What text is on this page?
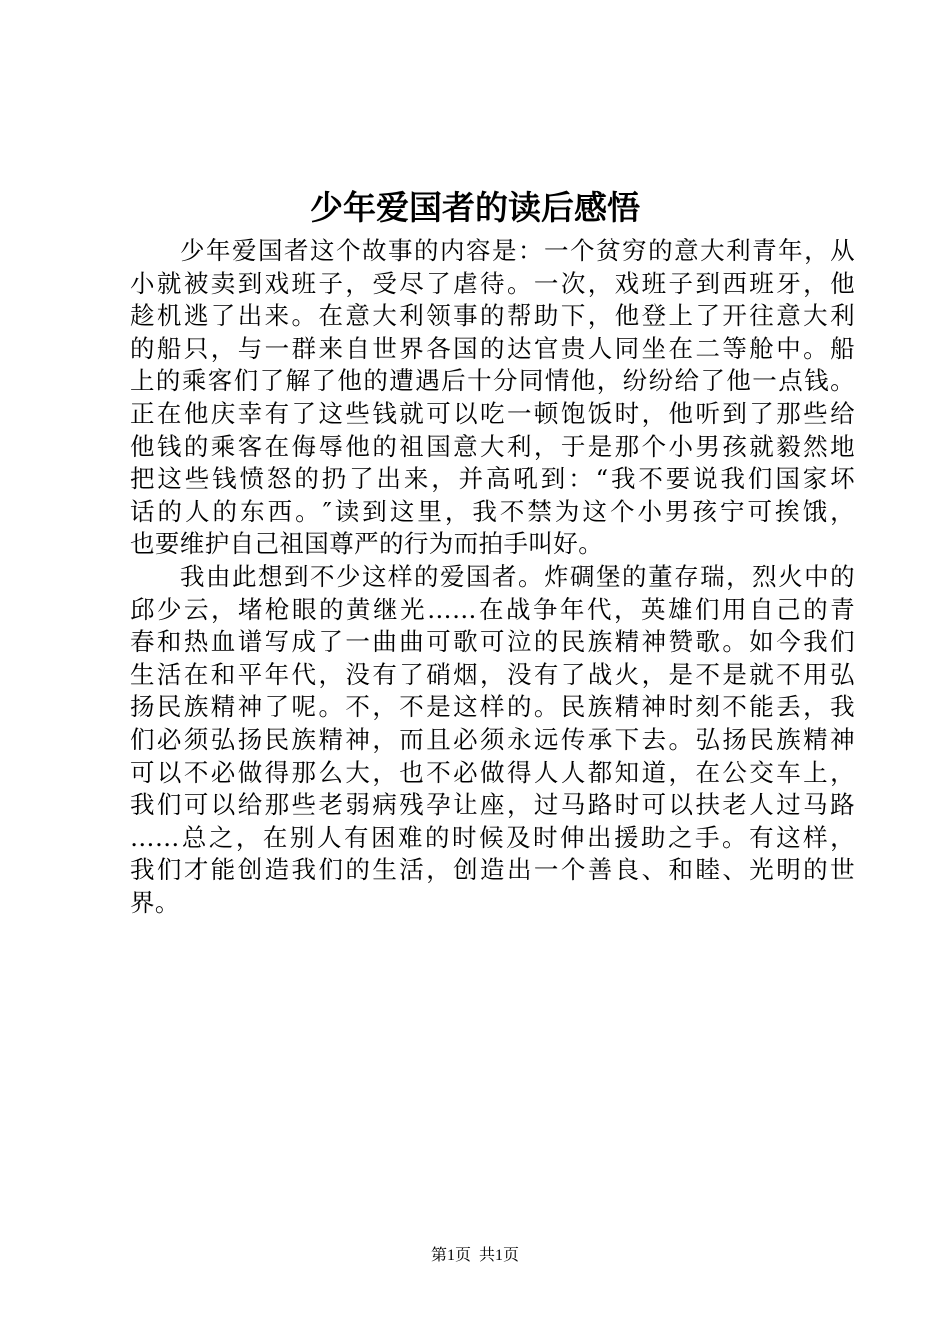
少年爱国者的读后感悟
少年爱国者这个故事的内容是：一个贫穷的意大利青年，从
小就被卖到戏班子，受尽了虐待。一次，戏班子到西班牙，他
趁机逃了出来。在意大利领事的帮助下，他登上了开往意大利
的船只，与一群来自世界各国的达官贵人同坐在二等舱中。船
上的乘客们了解了他的遭遇后十分同情他，纷纷给了他一点钱。
正在他庆幸有了这些钱就可以吃一顿饱饭时，他听到了那些给
他钱的乘客在侮辱他的祖国意大利，于是那个小男孩就毅然地
把这些钱愤怒的扔了出来，并高吼到：“我不要说我们国家坏
话的人的东西。″读到这里，我不禁为这个小男孩宁可挨饿，
也要维护自己祖国尊严的行为而拍手叫好。
我由此想到不少这样的爱国者。炸碉堡的董存瑞，烈火中的
邱少云，堵枪眼的黄继光……在战争年代，英雄们用自己的青
春和热血谱写成了一曲曲可歌可泣的民族精神赞歌。如今我们
生活在和平年代，没有了硝烟，没有了战火，是不是就不用弘
扬民族精神了呢。不，不是这样的。民族精神时刻不能丢，我
们必须弘扬民族精神，而且必须永远传承下去。弘扬民族精神
可以不必做得那么大，也不必做得人人都知道，在公交车上，
我们可以给那些老弱病残孕让座，过马路时可以扶老人过马路
……总之，在别人有困难的时候及时伸出援助之手。有这样，
我们才能创造我们的生活，创造出一个善良、和睦、光明的世
界。
第1页 共1页
